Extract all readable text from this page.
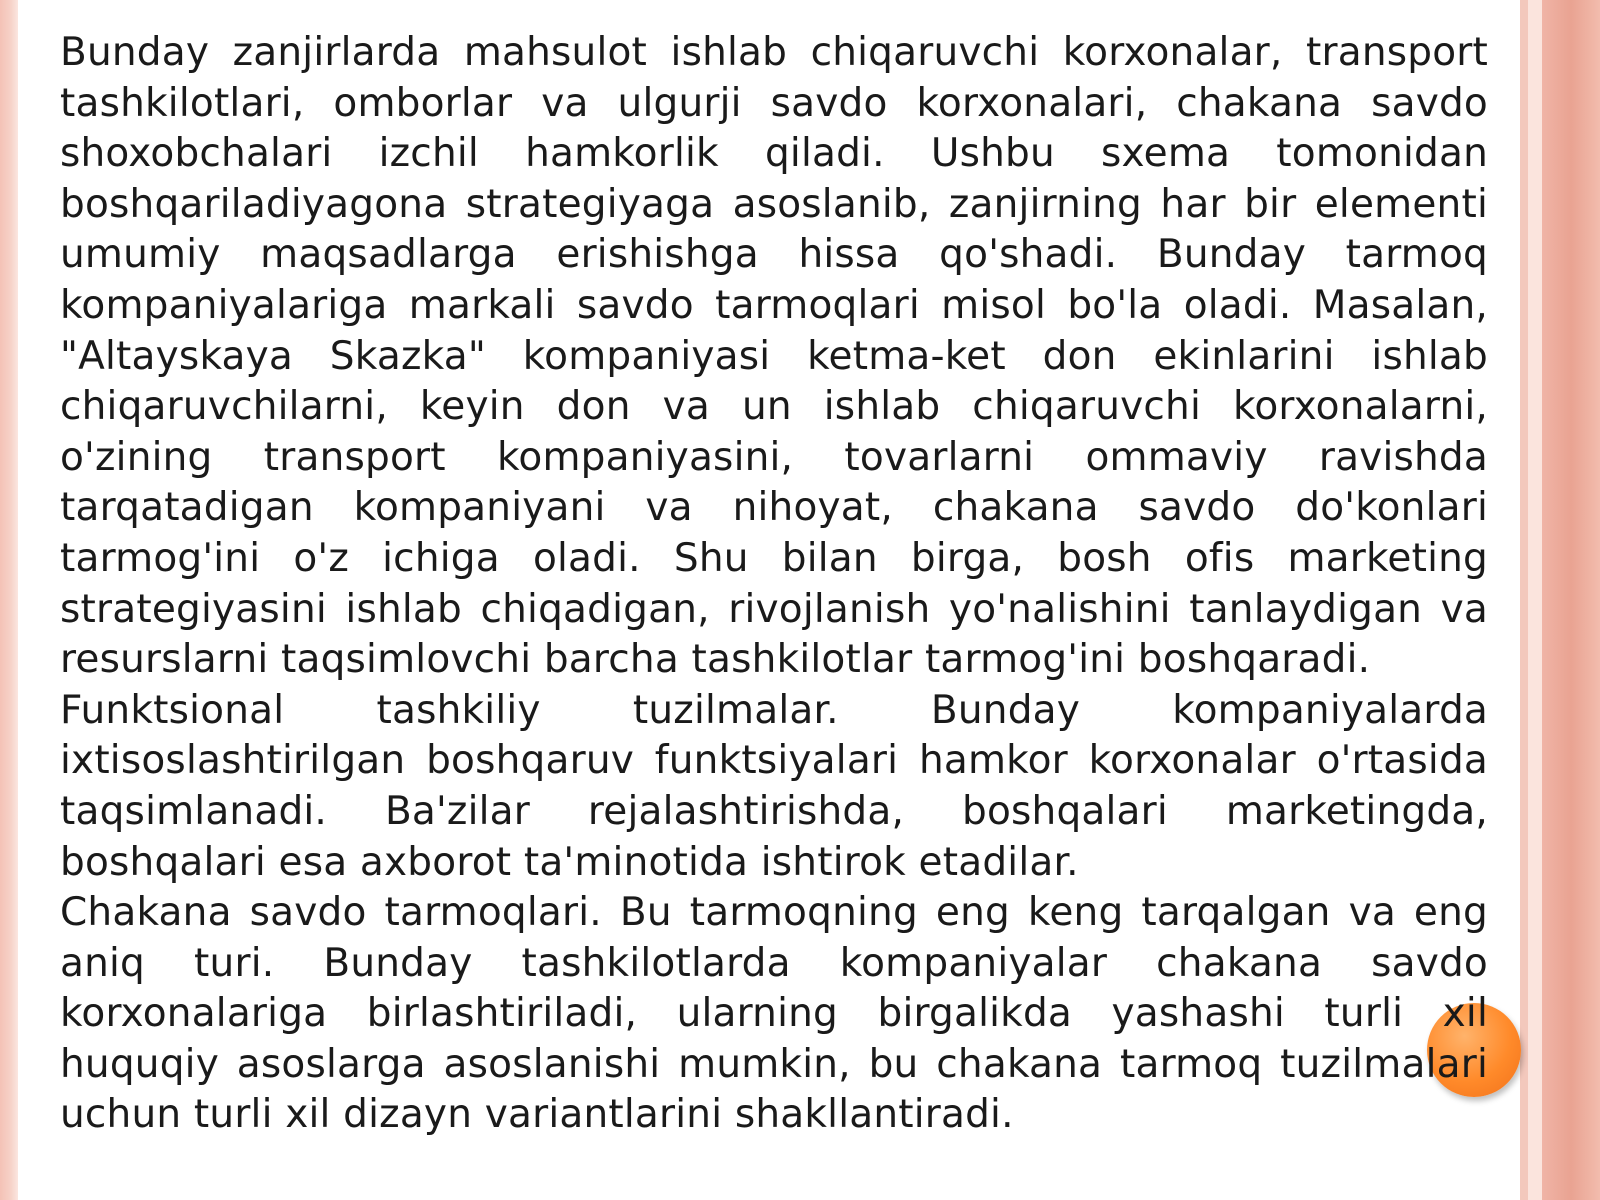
Bunday zanjirlarda mahsulot ishlab chiqaruvchi korxonalar, transport tashkilotlari, omborlar va ulgurji savdo korxonalari, chakana savdo shoxobchalari izchil hamkorlik qiladi. Ushbu sxema tomonidan boshqariladiyagona strategiyaga asoslanib, zanjirning har bir elementi umumiy maqsadlarga erishishga hissa qo'shadi. Bunday tarmoq kompaniyalariga markali savdo tarmoqlari misol bo'la oladi. Masalan, "Altayskaya Skazka" kompaniyasi ketma-ket don ekinlarini ishlab chiqaruvchilarni, keyin don va un ishlab chiqaruvchi korxonalarni, o'zining transport kompaniyasini, tovarlarni ommaviy ravishda tarqatadigan kompaniyani va nihoyat, chakana savdo do'konlari tarmog'ini o'z ichiga oladi. Shu bilan birga, bosh ofis marketing strategiyasini ishlab chiqadigan, rivojlanish yo'nalishini tanlaydigan va resurslarni taqsimlovchi barcha tashkilotlar tarmog'ini boshqaradi.

Funktsional tashkiliy tuzilmalar. Bunday kompaniyalarda ixtisoslashtirilgan boshqaruv funktsiyalari hamkor korxonalar o'rtasida taqsimlanadi. Ba'zilar rejalashtirishda, boshqalari marketingda, boshqalari esa axborot ta'minotida ishtirok etadilar.

Chakana savdo tarmoqlari. Bu tarmoqning eng keng tarqalgan va eng aniq turi. Bunday tashkilotlarda kompaniyalar chakana savdo korxonalariga birlashtiriladi, ularning birgalikda yashashi turli xil huquqiy asoslarga asoslanishi mumkin, bu chakana tarmoq tuzilmalari uchun turli xil dizayn variantlarini shakllantiradi.
